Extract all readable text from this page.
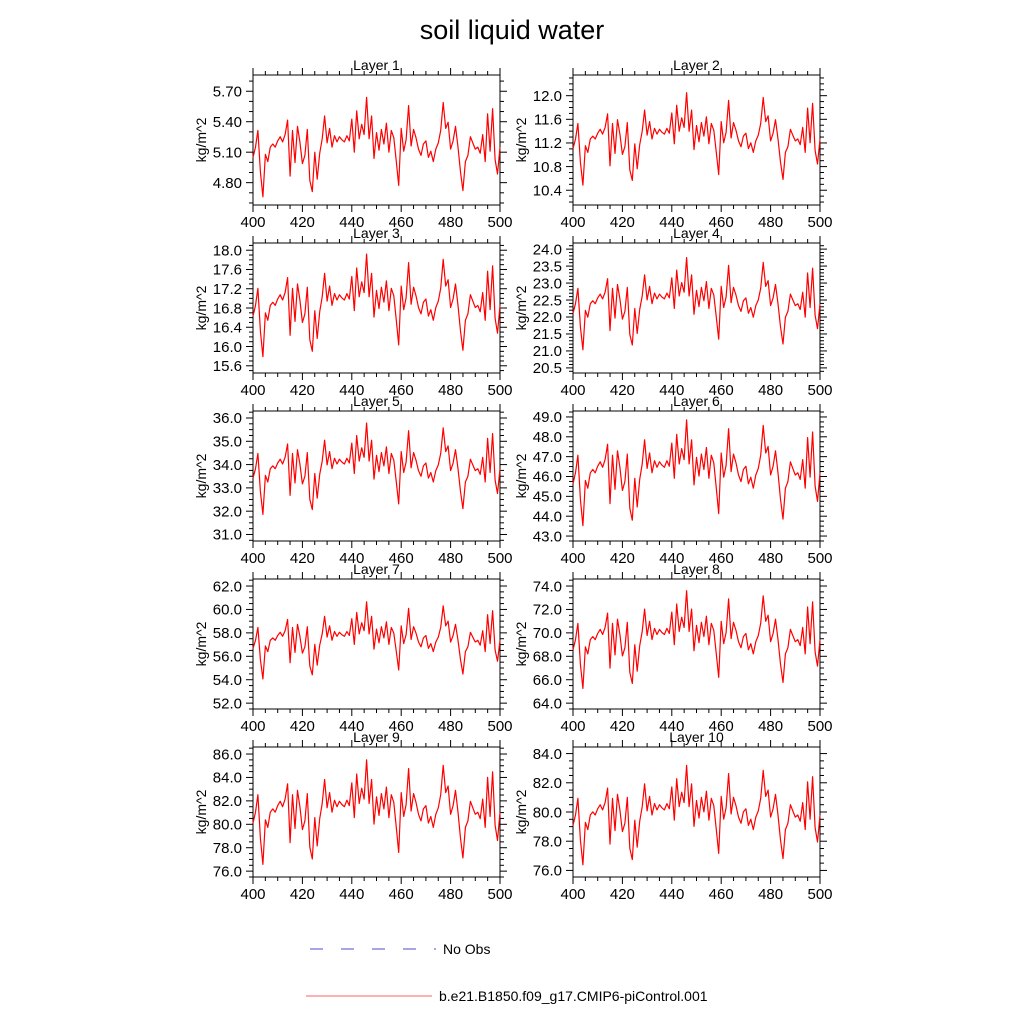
soil liquid water
4.80
5.10
5.40
5.70
400 420 440 460 480 500
Layer 1
kg/m^2
10.4
10.8
11.2
11.6
12.0
400 420 440 460 480 500
Layer 2
kg/m^2
15.6
16.0
16.4
16.8
17.2
17.6
18.0
400 420 440 460 480 500
Layer 3
kg/m^2
20.5
21.0
21.5
22.0
22.5
23.0
23.5
24.0
400 420 440 460 480 500
Layer 4
kg/m^2
31.0
32.0
33.0
34.0
35.0
36.0
400 420 440 460 480 500
Layer 5
kg/m^2
43.0
44.0
45.0
46.0
47.0
48.0
49.0
400 420 440 460 480 500
Layer 6
kg/m^2
52.0
54.0
56.0
58.0
60.0
62.0
400 420 440 460 480 500
Layer 7
kg/m^2
64.0
66.0
68.0
70.0
72.0
74.0
400 420 440 460 480 500
Layer 8
kg/m^2
76.0
78.0
80.0
82.0
84.0
86.0
400 420 440 460 480 500
Layer 9
kg/m^2
76.0
78.0
80.0
82.0
84.0
400 420 440 460 480 500
Layer 10
kg/m^2
No Obs
b.e21.B1850.f09_g17.CMIP6-piControl.001
